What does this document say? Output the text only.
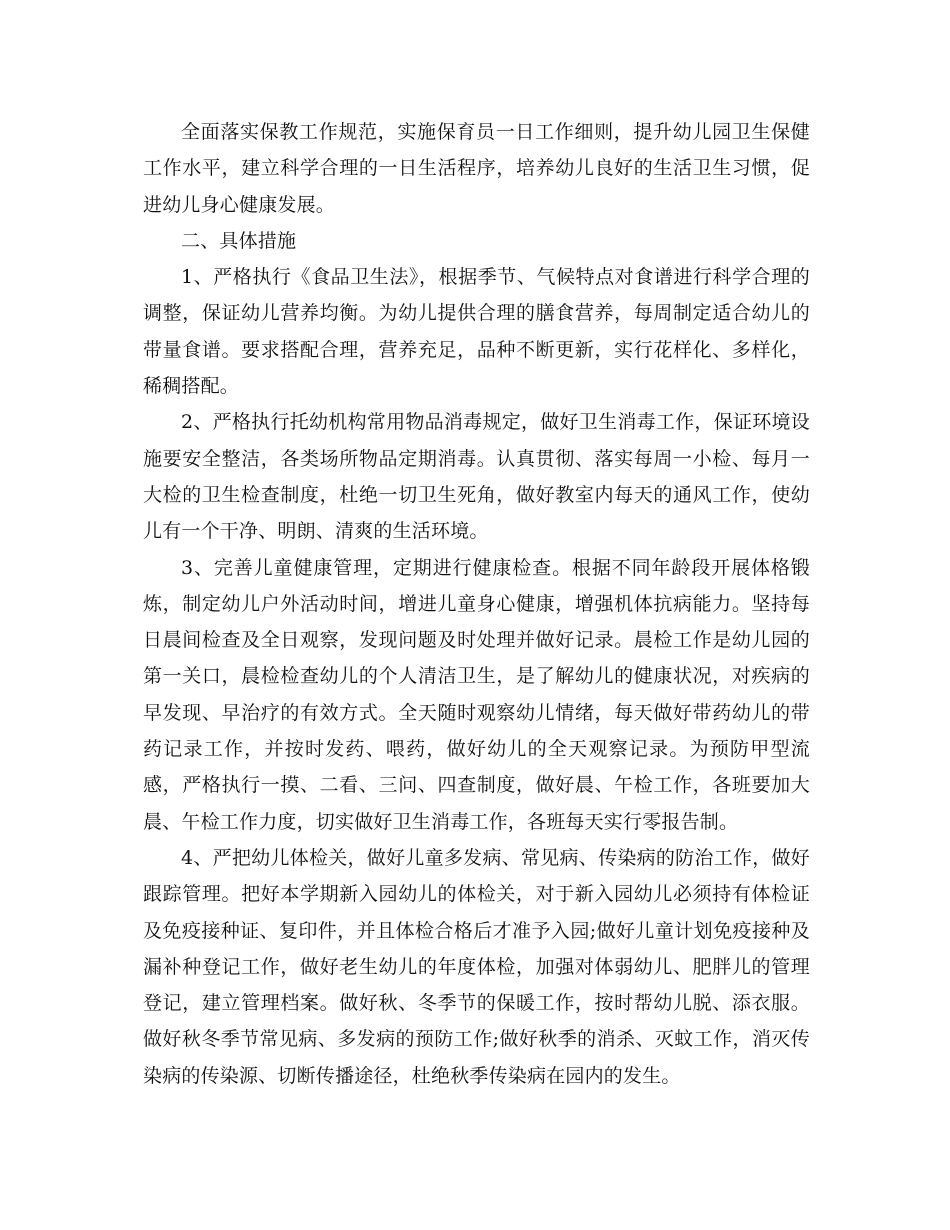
全面落实保教工作规范，实施保育员一日工作细则，提升幼儿园卫生保健工作水平，建立科学合理的一日生活程序，培养幼儿良好的生活卫生习惯，促进幼儿身心健康发展。

二、具体措施

1、严格执行《食品卫生法》，根据季节、气候特点对食谱进行科学合理的调整，保证幼儿营养均衡。为幼儿提供合理的膳食营养，每周制定适合幼儿的带量食谱。要求搭配合理，营养充足，品种不断更新，实行花样化、多样化，稀稠搭配。

2、严格执行托幼机构常用物品消毒规定，做好卫生消毒工作，保证环境设施要安全整洁，各类场所物品定期消毒。认真贯彻、落实每周一小检、每月一大检的卫生检查制度，杜绝一切卫生死角，做好教室内每天的通风工作，使幼儿有一个干净、明朗、清爽的生活环境。

3、完善儿童健康管理，定期进行健康检查。根据不同年龄段开展体格锻炼，制定幼儿户外活动时间，增进儿童身心健康，增强机体抗病能力。坚持每日晨间检查及全日观察，发现问题及时处理并做好记录。晨检工作是幼儿园的第一关口，晨检检查幼儿的个人清洁卫生，是了解幼儿的健康状况，对疾病的早发现、早治疗的有效方式。全天随时观察幼儿情绪，每天做好带药幼儿的带药记录工作，并按时发药、喂药，做好幼儿的全天观察记录。为预防甲型流感，严格执行一摸、二看、三问、四查制度，做好晨、午检工作，各班要加大晨、午检工作力度，切实做好卫生消毒工作，各班每天实行零报告制。

4、严把幼儿体检关，做好儿童多发病、常见病、传染病的防治工作，做好跟踪管理。把好本学期新入园幼儿的体检关，对于新入园幼儿必须持有体检证及免疫接种证、复印件，并且体检合格后才准予入园;做好儿童计划免疫接种及漏补种登记工作，做好老生幼儿的年度体检，加强对体弱幼儿、肥胖儿的管理登记，建立管理档案。做好秋、冬季节的保暖工作，按时帮幼儿脱、添衣服。做好秋冬季节常见病、多发病的预防工作;做好秋季的消杀、灭蚊工作，消灭传染病的传染源、切断传播途径，杜绝秋季传染病在园内的发生。
